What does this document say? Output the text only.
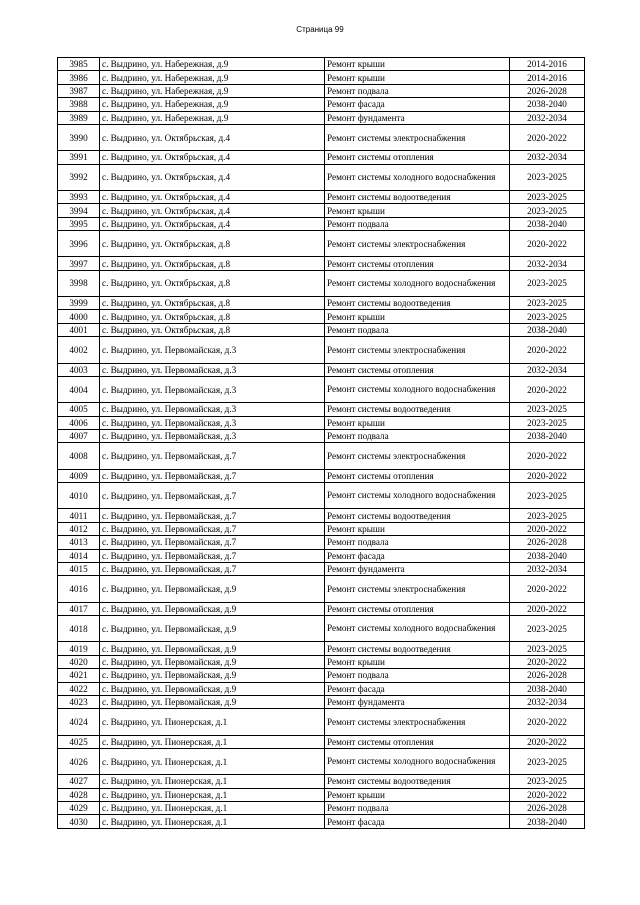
Страница 99
3985	с. Выдрино, ул. Набережная, д.9	Ремонт крыши	2014-2016
3986	с. Выдрино, ул. Набережная, д.9	Ремонт крыши	2014-2016
3987	с. Выдрино, ул. Набережная, д.9	Ремонт подвала	2026-2028
3988	с. Выдрино, ул. Набережная, д.9	Ремонт фасада	2038-2040
3989	с. Выдрино, ул. Набережная, д.9	Ремонт фундамента	2032-2034
3990	с. Выдрино, ул. Октябрьская, д.4	Ремонт системы электроснабжения	2020-2022
3991	с. Выдрино, ул. Октябрьская, д.4	Ремонт системы отопления	2032-2034
3992	с. Выдрино, ул. Октябрьская, д.4	Ремонт системы холодного водоснабжения	2023-2025
3993	с. Выдрино, ул. Октябрьская, д.4	Ремонт системы водоотведения	2023-2025
3994	с. Выдрино, ул. Октябрьская, д.4	Ремонт крыши	2023-2025
3995	с. Выдрино, ул. Октябрьская, д.4	Ремонт подвала	2038-2040
3996	с. Выдрино, ул. Октябрьская, д.8	Ремонт системы электроснабжения	2020-2022
3997	с. Выдрино, ул. Октябрьская, д.8	Ремонт системы отопления	2032-2034
3998	с. Выдрино, ул. Октябрьская, д.8	Ремонт системы холодного водоснабжения	2023-2025
3999	с. Выдрино, ул. Октябрьская, д.8	Ремонт системы водоотведения	2023-2025
4000	с. Выдрино, ул. Октябрьская, д.8	Ремонт крыши	2023-2025
4001	с. Выдрино, ул. Октябрьская, д.8	Ремонт подвала	2038-2040
4002	с. Выдрино, ул. Первомайская, д.3	Ремонт системы электроснабжения	2020-2022
4003	с. Выдрино, ул. Первомайская, д.3	Ремонт системы отопления	2032-2034
4004	с. Выдрино, ул. Первомайская, д.3	Ремонт системы холодного водоснабжения	2020-2022
4005	с. Выдрино, ул. Первомайская, д.3	Ремонт системы водоотведения	2023-2025
4006	с. Выдрино, ул. Первомайская, д.3	Ремонт крыши	2023-2025
4007	с. Выдрино, ул. Первомайская, д.3	Ремонт подвала	2038-2040
4008	с. Выдрино, ул. Первомайская, д.7	Ремонт системы электроснабжения	2020-2022
4009	с. Выдрино, ул. Первомайская, д.7	Ремонт системы отопления	2020-2022
4010	с. Выдрино, ул. Первомайская, д.7	Ремонт системы холодного водоснабжения	2023-2025
4011	с. Выдрино, ул. Первомайская, д.7	Ремонт системы водоотведения	2023-2025
4012	с. Выдрино, ул. Первомайская, д.7	Ремонт крыши	2020-2022
4013	с. Выдрино, ул. Первомайская, д.7	Ремонт подвала	2026-2028
4014	с. Выдрино, ул. Первомайская, д.7	Ремонт фасада	2038-2040
4015	с. Выдрино, ул. Первомайская, д.7	Ремонт фундамента	2032-2034
4016	с. Выдрино, ул. Первомайская, д.9	Ремонт системы электроснабжения	2020-2022
4017	с. Выдрино, ул. Первомайская, д.9	Ремонт системы отопления	2020-2022
4018	с. Выдрино, ул. Первомайская, д.9	Ремонт системы холодного водоснабжения	2023-2025
4019	с. Выдрино, ул. Первомайская, д.9	Ремонт системы водоотведения	2023-2025
4020	с. Выдрино, ул. Первомайская, д.9	Ремонт крыши	2020-2022
4021	с. Выдрино, ул. Первомайская, д.9	Ремонт подвала	2026-2028
4022	с. Выдрино, ул. Первомайская, д.9	Ремонт фасада	2038-2040
4023	с. Выдрино, ул. Первомайская, д.9	Ремонт фундамента	2032-2034
4024	с. Выдрино, ул. Пионерская, д.1	Ремонт системы электроснабжения	2020-2022
4025	с. Выдрино, ул. Пионерская, д.1	Ремонт системы отопления	2020-2022
4026	с. Выдрино, ул. Пионерская, д.1	Ремонт системы холодного водоснабжения	2023-2025
4027	с. Выдрино, ул. Пионерская, д.1	Ремонт системы водоотведения	2023-2025
4028	с. Выдрино, ул. Пионерская, д.1	Ремонт крыши	2020-2022
4029	с. Выдрино, ул. Пионерская, д.1	Ремонт подвала	2026-2028
4030	с. Выдрино, ул. Пионерская, д.1	Ремонт фасада	2038-2040
